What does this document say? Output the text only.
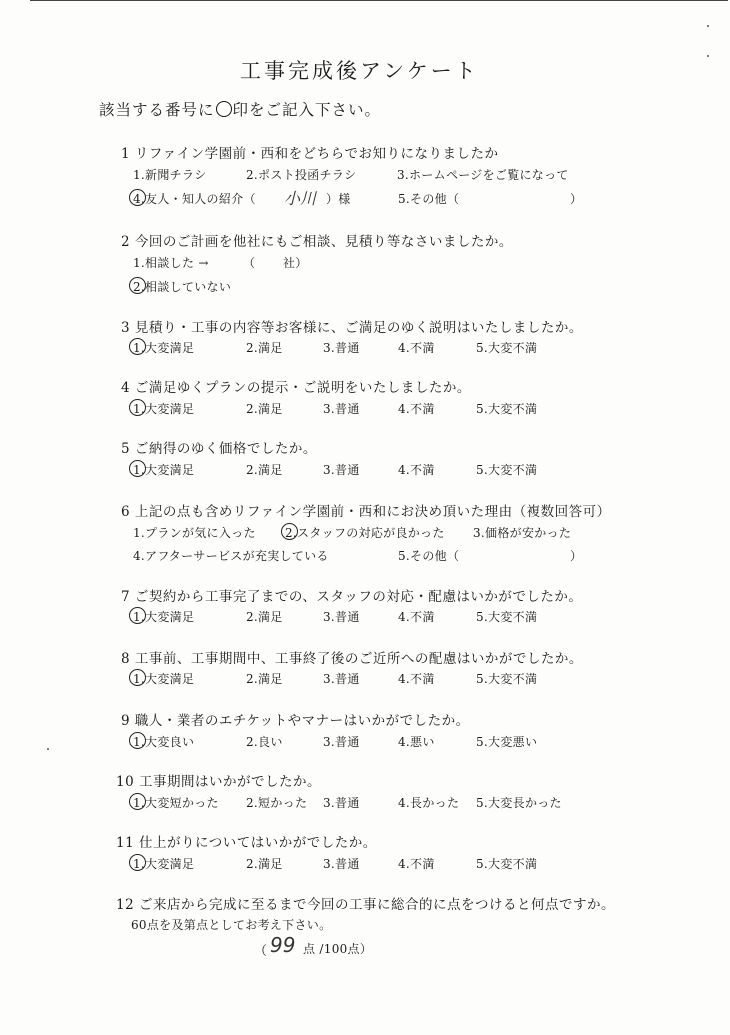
工事完成後アンケート
該当する番号に○印をご記入下さい。
1 リファイン学園前・西和をどちらでお知りになりましたか
1.新聞チラシ	2.ポスト投函チラシ	3.ホームページをご覧になって
4.友人・知人の紹介（ 小川 ）様	5.その他（	）
2 今回のご計画を他社にもご相談、見積り等なさいましたか。
1.相談した →	（ 社）
2.相談していない
3 見積り・工事の内容等お客様に、ご満足のゆく説明はいたしましたか。
1.大変満足	2.満足	3.普通	4.不満	5.大変不満
4 ご満足ゆくプランの提示・ご説明をいたしましたか。
1.大変満足	2.満足	3.普通	4.不満	5.大変不満
5 ご納得のゆく価格でしたか。
1.大変満足	2.満足	3.普通	4.不満	5.大変不満
6 上記の点も含めリファイン学園前・西和にお決め頂いた理由（複数回答可）
1.プランが気に入った 2.スタッフの対応が良かった 3.価格が安かった
4.アフターサービスが充実している	5.その他（	）
7 ご契約から工事完了までの、スタッフの対応・配慮はいかがでしたか。
1.大変満足	2.満足	3.普通	4.不満	5.大変不満
8 工事前、工事期間中、工事終了後のご近所への配慮はいかがでしたか。
1.大変満足	2.満足	3.普通	4.不満	5.大変不満
9 職人・業者のエチケットやマナーはいかがでしたか。
1.大変良い	2.良い	3.普通	4.悪い	5.大変悪い
10 工事期間はいかがでしたか。
1.大変短かった 2.短かった 3.普通	4.長かった 5.大変長かった
11 仕上がりについてはいかがでしたか。
1.大変満足	2.満足	3.普通	4.不満	5.大変不満
12 ご来店から完成に至るまで今回の工事に総合的に点をつけると何点ですか。
60点を及第点としてお考え下さい。
（ 99 点 /100点）
